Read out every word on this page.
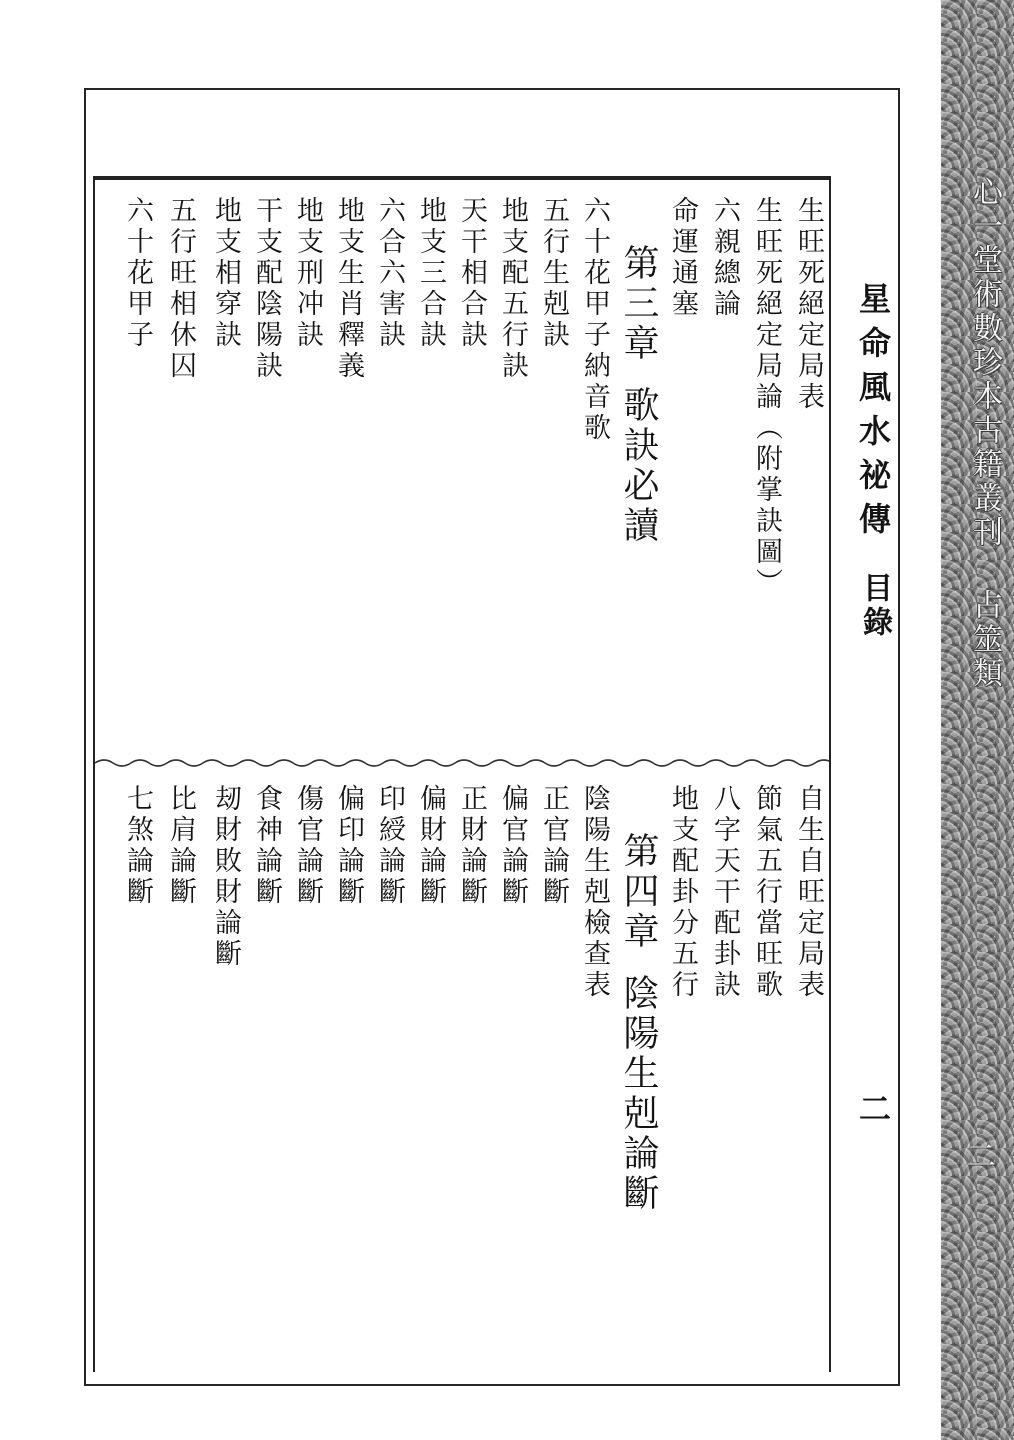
心一堂術數珍本古籍叢刊 占筮類
二
星命風水祕傳
目錄
二
生旺死絕定局表
生旺死絕定局論（附掌訣圖）
六親總論
命運通塞
第三章歌訣必讀
六十花甲子納音歌
五行生剋訣
地支配五行訣
天干相合訣
地支三合訣
六合六害訣
地支生肖釋義
地支刑冲訣
干支配陰陽訣
地支相穿訣
五行旺相休囚
六十花甲子
自生自旺定局表
節氣五行當旺歌
八字天干配卦訣
地支配卦分五行
第四章陰陽生剋論斷
陰陽生剋檢查表
正官論斷
偏官論斷
正財論斷
偏財論斷
印綬論斷
偏印論斷
傷官論斷
食神論斷
刼財敗財論斷
比肩論斷
七煞論斷
